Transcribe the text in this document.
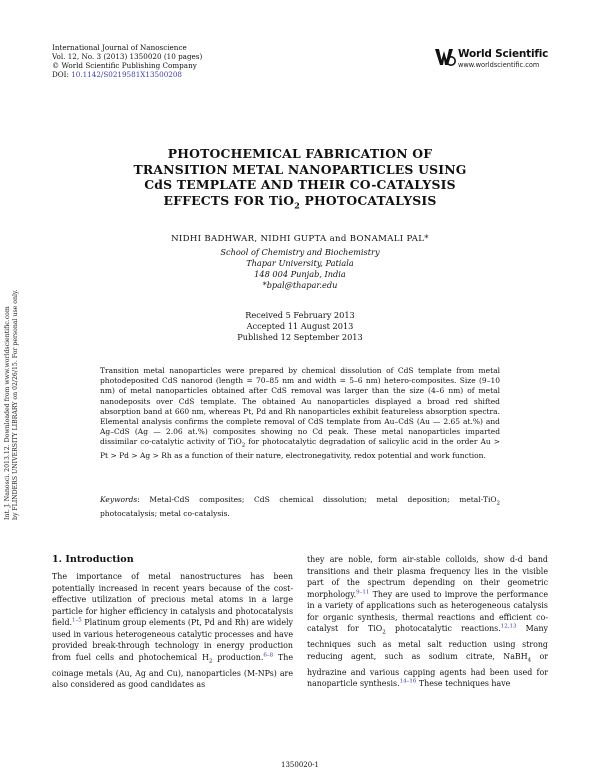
International Journal of Nanoscience
Vol. 12, No. 3 (2013) 1350020 (10 pages)
© World Scientific Publishing Company
DOI: 10.1142/S0219581X13500208
World Scientific
www.worldscientific.com
Int. J. Nanosci. 2013.12. Downloaded from www.worldscientific.com by FLINDERS UNIVERSITY LIBRARY on 02/26/15. For personal use only.
PHOTOCHEMICAL FABRICATION OF
TRANSITION METAL NANOPARTICLES USING
CdS TEMPLATE AND THEIR CO-CATALYSIS
EFFECTS FOR TiO$_2$ PHOTOCATALYSIS
NIDHI BADHWAR, NIDHI GUPTA and BONAMALI PAL*
School of Chemistry and Biochemistry
Thapar University, Patiala
148 004 Punjab, India
*bpal@thapar.edu
Received 5 February 2013
Accepted 11 August 2013
Published 12 September 2013
Transition metal nanoparticles were prepared by chemical dissolution of CdS template from metal photodeposited CdS nanorod (length = 70–85 nm and width = 5–6 nm) hetero-composites. Size (9–10 nm) of metal nanoparticles obtained after CdS removal was larger than the size (4–6 nm) of metal nanodeposits over CdS template. The obtained Au nanoparticles displayed a broad red shifted absorption band at 660 nm, whereas Pt, Pd and Rh nanoparticles exhibit featureless absorption spectra. Elemental analysis confirms the complete removal of CdS template from Au–CdS (Au — 2.65 at.%) and Ag–CdS (Ag — 2.06 at.%) composites showing no Cd peak. These metal nanoparticles imparted dissimilar co-catalytic activity of TiO$_2$ for photocatalytic degradation of salicylic acid in the order Au > Pt > Pd > Ag > Rh as a function of their nature, electronegativity, redox potential and work function.
Keywords: Metal-CdS composites; CdS chemical dissolution; metal deposition; metal-TiO$_2$ photocatalysis; metal co-catalysis.
1. Introduction
The importance of metal nanostructures has been potentially increased in recent years because of the cost-effective utilization of precious metal atoms in a large particle for higher efficiency in catalysis and photocatalysis field.$^{1-5}$ Platinum group elements (Pt, Pd and Rh) are widely used in various heterogeneous catalytic processes and have provided break-through technology in energy production from fuel cells and photochemical $H_2$ production.$^{6-8}$ The coinage metals (Au, Ag and Cu), nanoparticles (M-NPs) are also considered as good candidates as
they are noble, form air-stable colloids, show d-d band transitions and their plasma frequency lies in the visible part of the spectrum depending on their geometric morphology.$^{9-11}$ They are used to improve the performance in a variety of applications such as heterogeneous catalysis for organic synthesis, thermal reactions and efficient co-catalyst for TiO$_2$ photocatalytic reactions.$^{12,13}$ Many techniques such as metal salt reduction using strong reducing agent, such as sodium citrate, NaBH$_4$ or hydrazine and various capping agents had been used for nanoparticle synthesis.$^{14-16}$ These techniques have
1350020-1
